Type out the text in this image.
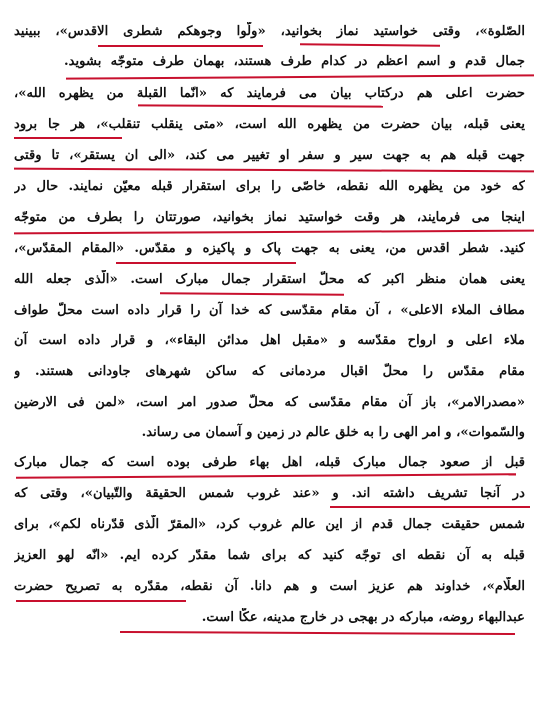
الصّلوة»، وقتی خواستید نماز بخوانید، «ولّوا وجوهکم شطری الاقدس»، ببینید
جمال قدم و اسم اعظم در کدام طرف هستند، بهمان طرف متوجّه بشوید.
حضرت اعلی هم درکتاب بیان می فرمایند که «انّما القبلة من یظهره الله»،
یعنی قبله، بیان حضرت من یظهره الله است، «متی ینقلب تنقلب»، هر جا برود
جهت قبله هم به جهت سیر و سفر او تغییر می کند، «الی ان یستقر»، تا وقتی
که خود من یظهره الله نقطه، خاصّی را برای استقرار قبله معیّن نمایند. حال در
اینجا می فرمایند، هر وقت خواستید نماز بخوانید، صورتتان را بطرف من متوجّه
کنید. شطر اقدس من، یعنی به جهت پاک و پاکیزه و مقدّس. «المقام المقدّس»،
یعنی همان منظر اکبر که محلّ استقرار جمال مبارک است. «الّذی جعله الله
مطاف الملاء الاعلی» ، آن مقام مقدّسی که خدا آن را قرار داده است محلّ طواف
ملاء اعلی و ارواح مقدّسه و «مقبل اهل مدائن البقاء»، و قرار داده است آن
مقام مقدّس را محلّ اقبال مردمانی که ساکن شهرهای جاودانی هستند. و
«مصدرالامر»، باز آن مقام مقدّسی که محلّ صدور امر است، «لمن فی الارضین
والسّموات»، و امر الهی را به خلق عالم در زمین و آسمان می رساند.
قبل از صعود جمال مبارک قبله، اهل بهاء طرفی بوده است که جمال مبارک
در آنجا تشریف داشته اند. و «عند غروب شمس الحقیقة والتّبیان»، وقتی که
شمس حقیقت جمال قدم از این عالم غروب کرد، «المقرّ الّذی قدّرناه لکم»، برای
قبله به آن نقطه ای توجّه کنید که برای شما مقدّر کرده ایم. «انّه لهو العزیز
العلّام»، خداوند هم عزیز است و هم دانا. آن نقطه، مقدّره به تصریح حضرت
عبدالبهاء روضه، مبارکه در بهجی در خارج مدینه، عکّا است.
